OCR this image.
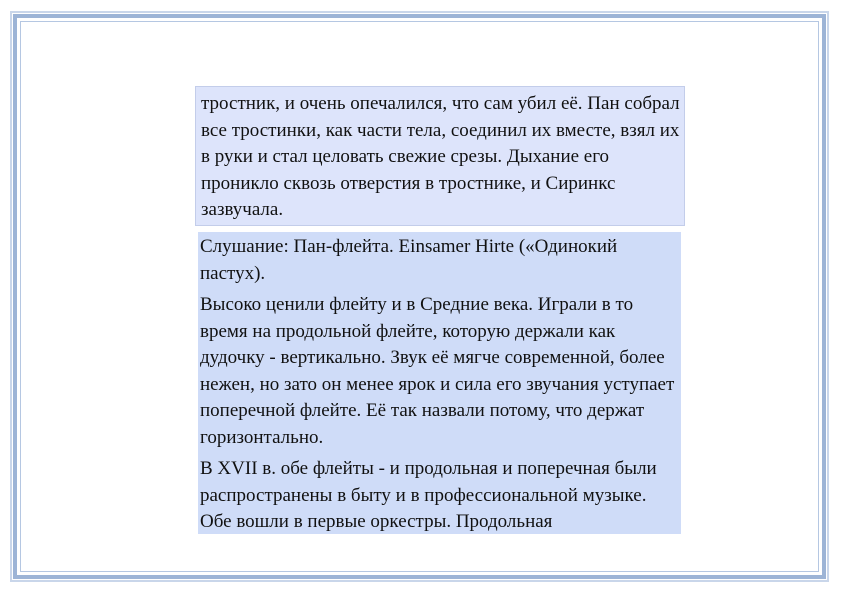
тростник, и очень опечалился, что сам убил её. Пан собрал все тростинки, как части тела, соединил их вместе, взял их в руки и стал целовать свежие срезы. Дыхание его проникло сквозь отверстия в тростнике, и Сиринкс зазвучала.

Слушание: Пан-флейта. Einsamer Hirte («Одинокий пастух).

Высоко ценили флейту и в Средние века. Играли в то время на продольной флейте, которую держали как дудочку - вертикально. Звук её мягче современной, более нежен, но зато он менее ярок и сила его звучания уступает поперечной флейте. Её так назвали потому, что держат горизонтально.

В XVII в. обе флейты - и продольная и поперечная были распространены в быту и в профессиональной музыке. Обе вошли в первые оркестры. Продольная
